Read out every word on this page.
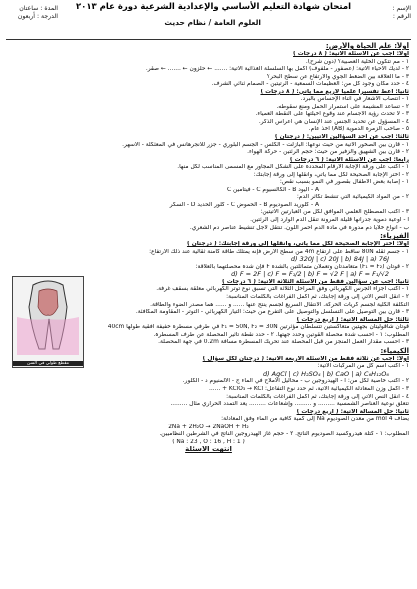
امتحان شهادة التعليم الأساسي والإعدادية الشرعية دورة عام ٢٠١٣	الإسم :
الرقم :
العلوم العامة / نظام حديث
المدة : ساعتان
الدرجة : أربعون
أولاً: علم الحياة والأرض:
أولاً: أجب عن الأسئلة الآتية: ( ٨ درجات )
١ - مم تتكون الخلية العصبية؟ (دون شرح).
٢ - لديك الأحياء الآتية: (عصفور - ملفوف) أكمل بها السلسلة الغذائية الآتية: ....... ← حلزون ← ....... ← صقر.
٣ - ما العلاقة بين الضغط الجوي والارتفاع عن سطح البحر؟
٤ - حدد مكان وجود كل من: العظيمات السمعية - الرتيتين - الصمام ثنائي الشرف.
ثانياً: أعط تفسيراً علمياً لأربع مما يأتي: ( ٨ درجات )
١ - انتصاب الأشعار في أثناء الإحساس بالبرد.
٢ - تساعد المشيمة على استمرار الحمل ومنع سقوطه.
٣ - لا تحدث رؤية الأجسام عند وقوع أخيلتها على النقطة العمياء.
٤ - المسؤول عن تحديد الجنس عند الإنسان هي أعراس الذكر.
٥ - صاحب الزمرة الدموية (AB) أخذ عام.
ثالثاً: أجب عن أحد السؤالين الآتيين: ( درجتان )
١ - قارن بين الصخور الآتية من حيث نوعها: البازلت - الكلس - الجسم البلوري - جزر للانجرهانس في المعثكلة - الأسهر.
٢ - قارن بين الشهيق والزفير من حيث: حجم الرئتين - حركة الهواء.
رابعاً: أجب عن الأسئلة الآتية: ( ٦ درجات )
١ - اكتب على ورقة الإجابة الأرقام المحددة على الشكل المجاور مع المسمى المناسب لكل منها.
٢ - اختر الإجابة الصحيحة لكل مما يأتي، وانقلها إلى ورقة إجابتك:
١ - إصابة بعض الأطفال بقصور في النمو بسبب نقص:
A - اليود B - الكالسيوم C - فيتامين C
٢ - من المواد الكيميائية التي تنشط تكاثر الدم:
A - كلوريد الصوديوم B - الحموض C - كلور الحديد D - السكر
٣ - اكتب المصطلح العلمي الموافق لكل من العبارتين الآتيتين:
أ - أوعية دموية جدرانها قليلة المرونة تنقل الدم الوارد إلى الرئتين.
ب - أنواع خلايا دم مدورة في مادة الدم أحمر اللون. تنتقل لأجل تنشيط عناصر دم الشعري.
الفيزياء:
أولاً: اختر الإجابة الصحيحة لكل مما يأتي، وانقلها إلى ورقة إجابتك: ( درجتان )
١ - جسم ثقله 80N ساقط على ارتفاع 4m من سطح الأرض فإنه يمتلك طاقة كامنة ثقالية عند ذلك الارتفاع:
d) 320J | c) 20J | b) 84J | a) 76J
٢ - قوتان (F₁ = F₂) متعامدتان وتعملان متماثلتين بالشدة F فإن شدة محصلتهما بالعلاقة:
d) F = 2F | c) F = F₁/2 | b) F = √2 F | a) F = F₁/√2
ثانياً: أجب عن سؤالين فقط من الأسئلة الثلاثة الآتية: ( ٦ درجات )
١ - اكتب أجزاء الجرس الكهربائي وفق المراحل الثلاثة التي تسبق نوع توتر الكهربائي معلقة بسقف غرفة.
٢ - انقل النص الآتي إلى ورقة إجابتك، ثم أكمل الفراغات بالكلمات المناسبة:
التكلفة الكلية لجسم كريات الحركة. الانتقال السريع لجسم ينتج عنها ...... و ...... هما مصدر الضوء والطاقة.
٣ - قارن بين التوصيل على التسلسل والتوصيل على التفرع من حيث: التيار الكهربائي - التوتر - المقاومة المكافئة.
ثالثاً: حل المسألة الآتية: ( أربع درجات )
قوتان شاقوليتان بجهتين متعاكستين تتسلطان مؤثرتين F₁ = 50N, F₂ = 30N في طرفي مسطرة خفيفة أفقية طولها 40cm
المطلوب: ١ - احسب شدة محصلة القوتين وحدد جهتها. ٢ - حدد نقطة تأثير المحصلة عن طرف المسطرة.
٣ - احسب مقدار العمل المنجز من قبل المحصلة عند تحريك المسطرة مسافة 0.2m في جهة المحصلة.
الكيمياء:
أولاً: أجب عن ثلاثة فقط من الأسئلة الأربعة الآتية: ( درجتان لكل سؤال )
١ - اكتب اسم كل من المركبات الآتية:
d) AgCl | c) H₂SO₄ | b) CaO | a) C₆H₁₂O₆
٢ - اكتب خاصية لكل من: أ - الهيدروجين ب - محاليل الأملاح في الماء ج - الألمنيوم د - الكلور.
٣ - أكمل وزن المعادلة الكيميائية الآتية، ثم حدد نوع التفاعل: KClO₃ → KCl + ......
٤ - انقل النص الآتي إلى ورقة إجابتك، ثم أكمل الفراغات بالكلمات المناسبة:
تتعلق نوعية العناصر الشمسية ......... و ......... وإشعاعات ......... يعد التمدد الحراري مثال .........
ثانياً: حل المسألة الآتية: ( أربع درجات )
يضاف 4 mol من معدن الصوديوم Na إلى كمية كافية من الماء وفق المعادلة:
2Na + 2H₂O → 2NaOH + H₂
المطلوب: ١ - كتلة هيدروكسيد الصوديوم الناتج. ٢ - حجم غاز الهيدروجين الناتج في الشرطين النظاميين.
( Na : 23 , O : 16 , H : 1 )
انتهت الأسئلة
مقطع طولي في السن
